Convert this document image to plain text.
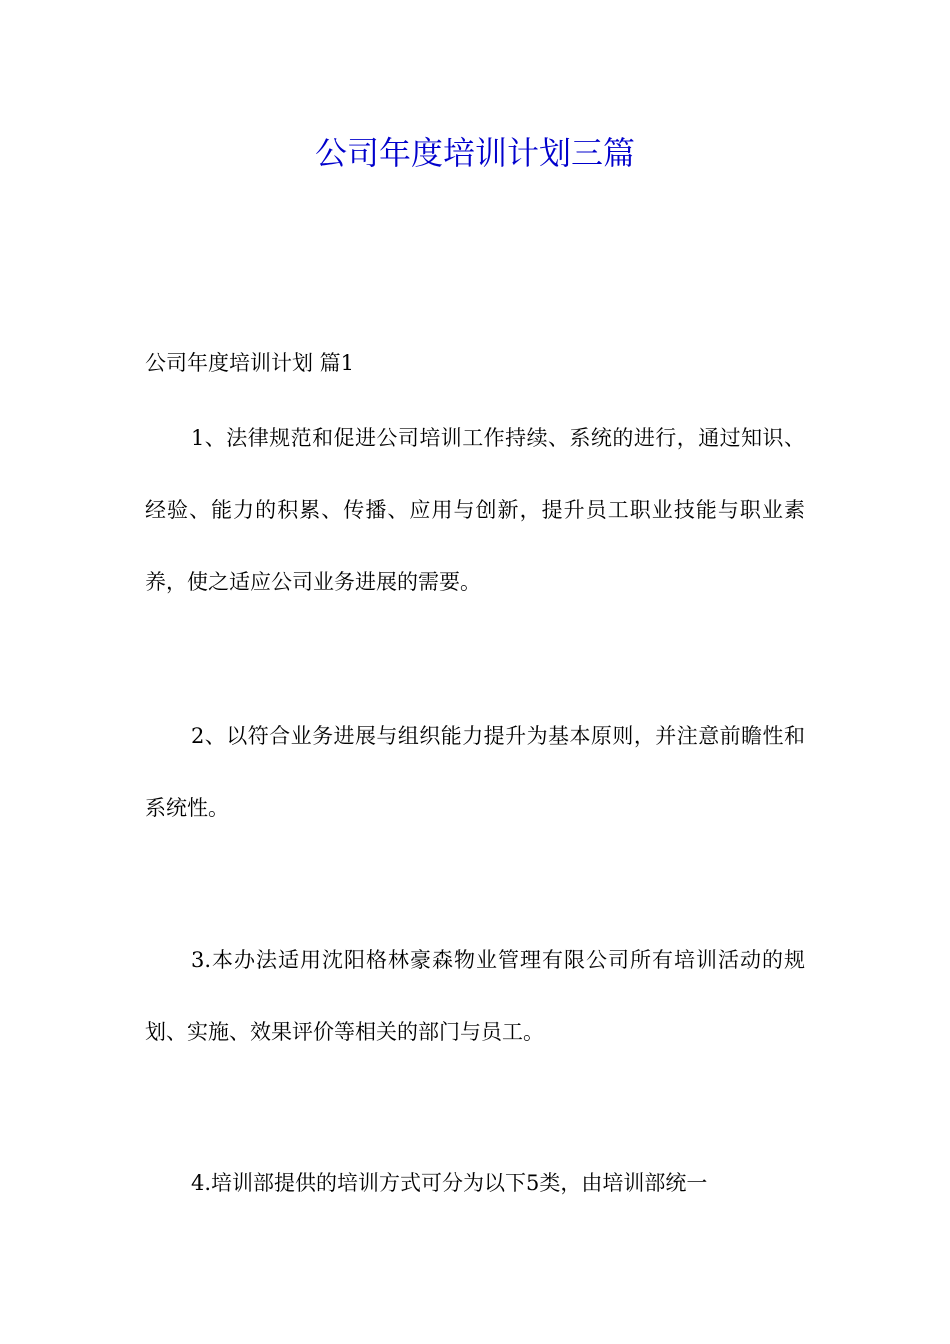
公司年度培训计划三篇
公司年度培训计划 篇1

1、法律规范和促进公司培训工作持续、系统的进行，通过知识、经验、能力的积累、传播、应用与创新，提升员工职业技能与职业素养，使之适应公司业务进展的需要。

2、以符合业务进展与组织能力提升为基本原则，并注意前瞻性和系统性。

3.本办法适用沈阳格林豪森物业管理有限公司所有培训活动的规划、实施、效果评价等相关的部门与员工。

4.培训部提供的培训方式可分为以下5类，由培训部统一
